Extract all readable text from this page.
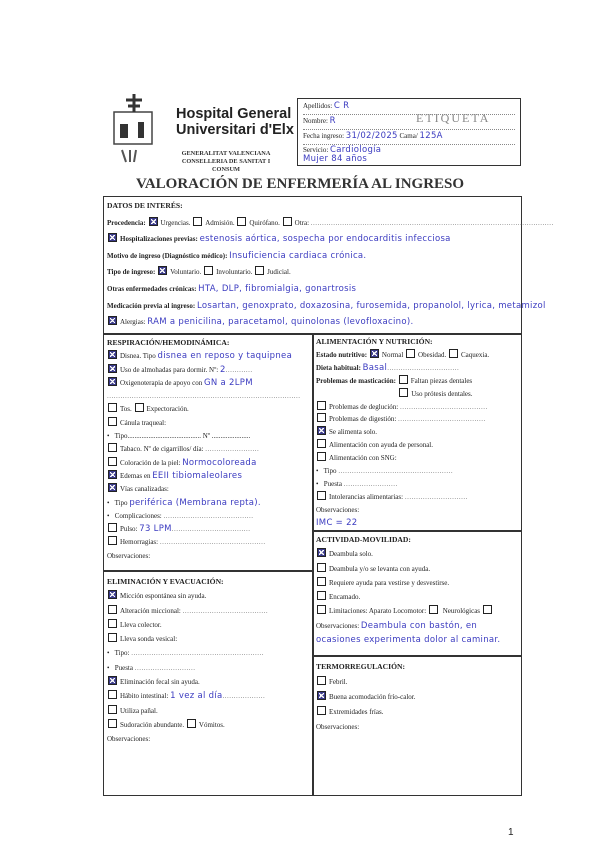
Hospital General
Universitari d'Elx
GENERALITAT VALENCIANA
CONSELLERIA DE SANITAT I CONSUM
ETIQUETA
Apellidos: C R
Nombre: R
Fecha ingreso: 31/02/2025 Cama/ 125A
Servicio: Cardiología
Mujer 84 años
VALORACIÓN DE ENFERMERÍA AL INGRESO
DATOS DE INTERÉS:
Procedencia: Urgencias. Admisión. Quirófano. Otra: ............................................................................................................
Hospitalizaciones previas: estenosis aórtica, sospecha por endocarditis infecciosa
Motivo de ingreso (Diagnóstico médico): Insuficiencia cardiaca crónica.
Tipo de ingreso: Voluntario. Involuntario. Judicial.
Otras enfermedades crónicas: HTA, DLP, fibromialgia, gonartrosis
Medicación previa al ingreso: Losartan, genoxprato, doxazosina, furosemida, propanolol, lyrica, metamizol
Alergias: RAM a penicilina, paracetamol, quinolonas (levofloxacino).
RESPIRACIÓN/HEMODINÁMICA:
Disnea. Tipo disnea en reposo y taquipnea
Uso de almohadas para dormir. Nº: 2............
Oxigenoterapia de apoyo con GN a 2LPM
......................................................................................
Tos. Expectoración.
Cánula traqueal:
•   Tipo.......................................... Nº ......................
Tabaco. Nº de cigarrillos/ día: ........................
Coloración de la piel: Normocoloreada
Edemas en EEII tibiomaleolares
Vías canalizadas:
•   Tipo periférica (Membrana repta).
•   Complicaciones: ........................................
Pulso: 73 LPM...................................
Hemorragias: ...............................................
Observaciones:
ELIMINACIÓN Y EVACUACIÓN:
Micción espontánea sin ayuda.
Alteración miccional: ......................................
Lleva colector.
Lleva sonda vesical:
•   Tipo: ...........................................................
•   Puesta ...........................
Eliminación fecal sin ayuda.
Hábito intestinal: 1 vez al día...................
Utiliza pañal.
Sudoración abundante. Vómitos.
Observaciones:
ALIMENTACIÓN Y NUTRICIÓN:
Estado nutritivo: Normal Obesidad. Caquexia.
Dieta habitual: Basal................................
Problemas de masticación: Faltan piezas dentales
Uso prótesis dentales.
Problemas de deglución: .......................................
Problemas de digestión: .......................................
Se alimenta solo.
Alimentación con ayuda de personal.
Alimentación con SNG:
•   Tipo ...................................................
•   Puesta ........................
Intolerancias alimentarias: ............................
Observaciones:
IMC = 22
ACTIVIDAD-MOVILIDAD:
Deambula solo.
Deambula y/o se levanta con ayuda.
Requiere ayuda para vestirse y desvestirse.
Encamado.
Limitaciones: Aparato Locomotor:  Neurológicas
Observaciones: Deambula con bastón, en
ocasiones experimenta dolor al caminar.
TERMORREGULACIÓN:
Febril.
Buena acomodación frío-calor.
Extremidades frías.
Observaciones:
1
